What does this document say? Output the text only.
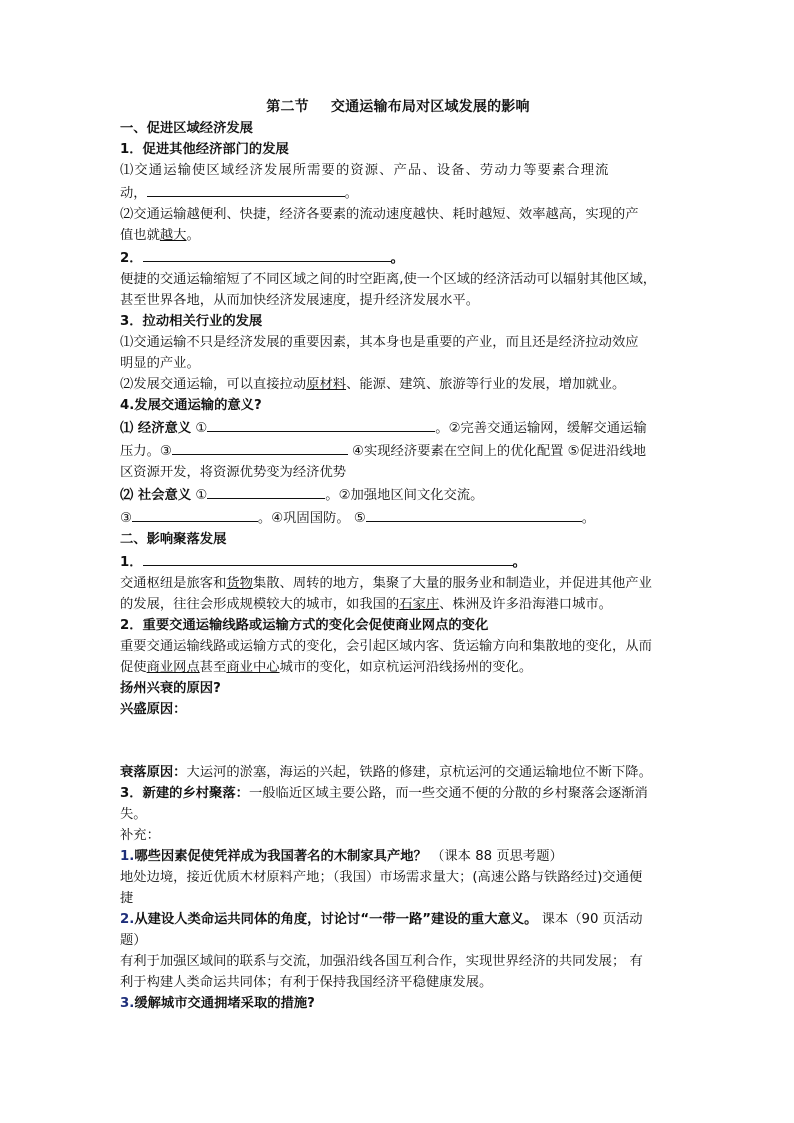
第二节 交通运输布局对区域发展的影响

一、促进区域经济发展

1．促进其他经济部门的发展

⑴交通运输使区域经济发展所需要的资源、产品、设备、劳动力等要素合理流

动，	。

⑵交通运输越便利、快捷，经济各要素的流动速度越快、耗时越短、效率越高，实现的产

值也就越大。

2．	。

便捷的交通运输缩短了不同区域之间的时空距离,使一个区域的经济活动可以辐射其他区域，

甚至世界各地，从而加快经济发展速度，提升经济发展水平。

3．拉动相关行业的发展

⑴交通运输不只是经济发展的重要因素，其本身也是重要的产业，而且还是经济拉动效应

明显的产业。

⑵发展交通运输，可以直接拉动原材料、能源、建筑、旅游等行业的发展，增加就业。

4.发展交通运输的意义?

⑴ 经济意义 ①	。②完善交通运输网，缓解交通运输

压力。③	④实现经济要素在空间上的优化配置 ⑤促进沿线地

区资源开发，将资源优势变为经济优势

⑵ 社会意义 ①	。②加强地区间文化交流。

③	。④巩固国防。 ⑤	。

二、影响聚落发展

1．	。

交通枢纽是旅客和货物集散、周转的地方，集聚了大量的服务业和制造业，并促进其他产业

的发展，往往会形成规模较大的城市，如我国的石家庄、株洲及许多沿海港口城市。

2．重要交通运输线路或运输方式的变化会促使商业网点的变化

重要交通运输线路或运输方式的变化，会引起区域内客、货运输方向和集散地的变化，从而

促使商业网点甚至商业中心城市的变化，如京杭运河沿线扬州的变化。

扬州兴衰的原因?

兴盛原因：

衰落原因：大运河的淤塞，海运的兴起，铁路的修建，京杭运河的交通运输地位不断下降。

3．新建的乡村聚落：一般临近区域主要公路，而一些交通不便的分散的乡村聚落会逐渐消

失。

补充：

1.哪些因素促使凭祥成为我国著名的木制家具产地？ （课本 88 页思考题）

地处边境，接近优质木材原料产地；（我国）市场需求量大；(高速公路与铁路经过)交通便

捷

2.从建设人类命运共同体的角度，讨论讨“一带一路”建设的重大意义。 课本（90 页活动

题）

有利于加强区域间的联系与交流，加强沿线各国互利合作，实现世界经济的共同发展； 有

利于构建人类命运共同体；有利于保持我国经济平稳健康发展。

3.缓解城市交通拥堵采取的措施?
